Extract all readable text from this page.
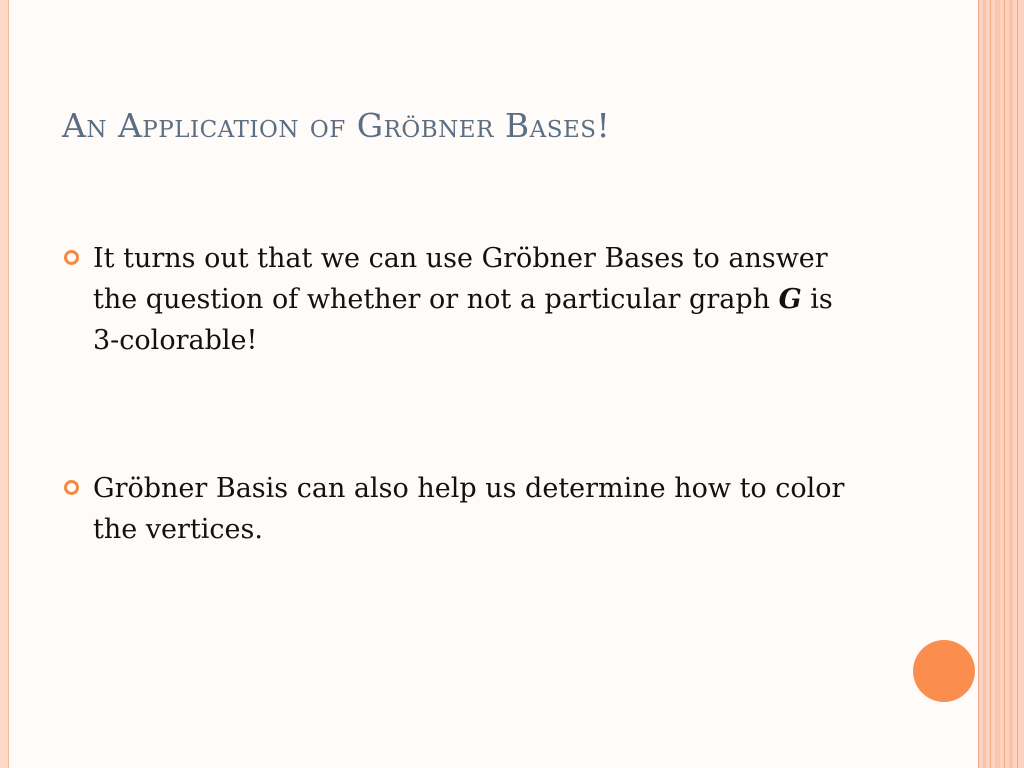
An Application of Gröbner Bases!
It turns out that we can use Gröbner Bases to answer the question of whether or not a particular graph G is 3-colorable!
Gröbner Basis can also help us determine how to color the vertices.
